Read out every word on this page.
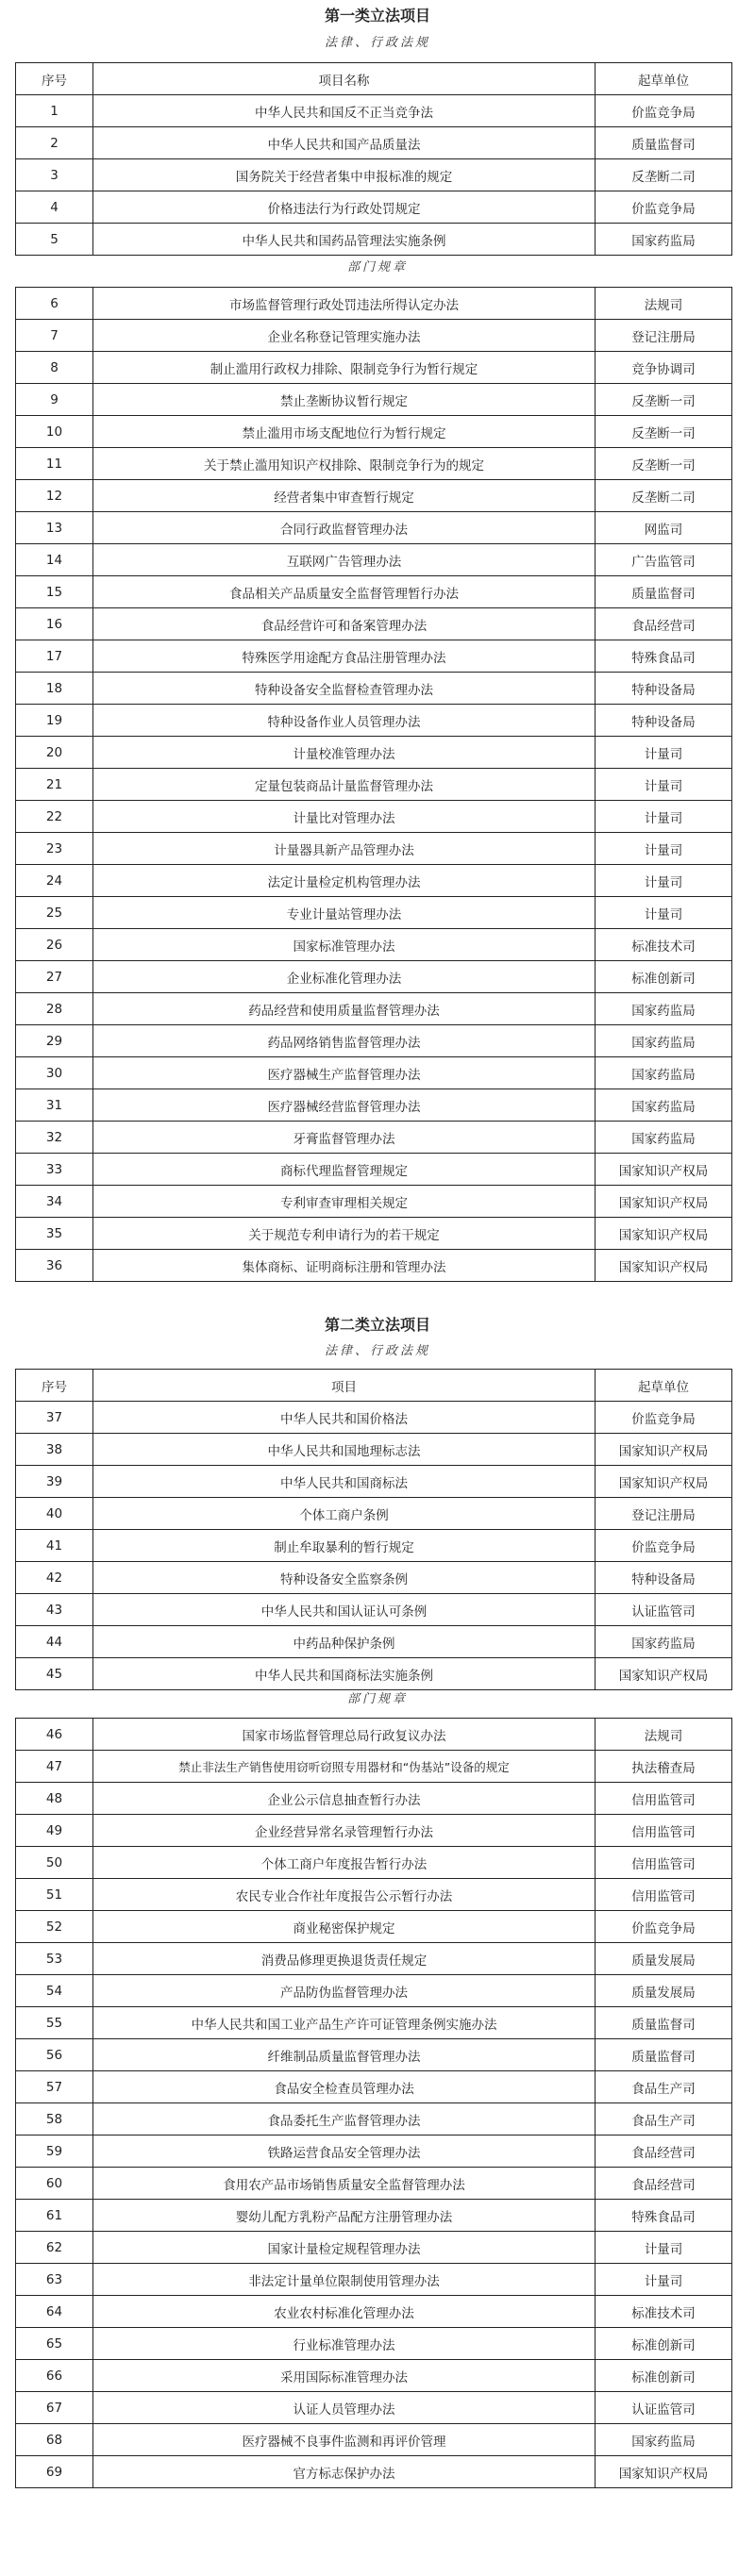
第一类立法项目
法律、行政法规
序号	项目名称	起草单位
1	中华人民共和国反不正当竞争法	价监竞争局
2	中华人民共和国产品质量法	质量监督司
3	国务院关于经营者集中申报标准的规定	反垄断二司
4	价格违法行为行政处罚规定	价监竞争局
5	中华人民共和国药品管理法实施条例	国家药监局
部门规章
6	市场监督管理行政处罚违法所得认定办法	法规司
7	企业名称登记管理实施办法	登记注册局
8	制止滥用行政权力排除、限制竞争行为暂行规定	竞争协调司
9	禁止垄断协议暂行规定	反垄断一司
10	禁止滥用市场支配地位行为暂行规定	反垄断一司
11	关于禁止滥用知识产权排除、限制竞争行为的规定	反垄断一司
12	经营者集中审查暂行规定	反垄断二司
13	合同行政监督管理办法	网监司
14	互联网广告管理办法	广告监管司
15	食品相关产品质量安全监督管理暂行办法	质量监督司
16	食品经营许可和备案管理办法	食品经营司
17	特殊医学用途配方食品注册管理办法	特殊食品司
18	特种设备安全监督检查管理办法	特种设备局
19	特种设备作业人员管理办法	特种设备局
20	计量校准管理办法	计量司
21	定量包装商品计量监督管理办法	计量司
22	计量比对管理办法	计量司
23	计量器具新产品管理办法	计量司
24	法定计量检定机构管理办法	计量司
25	专业计量站管理办法	计量司
26	国家标准管理办法	标准技术司
27	企业标准化管理办法	标准创新司
28	药品经营和使用质量监督管理办法	国家药监局
29	药品网络销售监督管理办法	国家药监局
30	医疗器械生产监督管理办法	国家药监局
31	医疗器械经营监督管理办法	国家药监局
32	牙膏监督管理办法	国家药监局
33	商标代理监督管理规定	国家知识产权局
34	专利审查审理相关规定	国家知识产权局
35	关于规范专利申请行为的若干规定	国家知识产权局
36	集体商标、证明商标注册和管理办法	国家知识产权局
第二类立法项目
法律、行政法规
序号	项目	起草单位
37	中华人民共和国价格法	价监竞争局
38	中华人民共和国地理标志法	国家知识产权局
39	中华人民共和国商标法	国家知识产权局
40	个体工商户条例	登记注册局
41	制止牟取暴利的暂行规定	价监竞争局
42	特种设备安全监察条例	特种设备局
43	中华人民共和国认证认可条例	认证监管司
44	中药品种保护条例	国家药监局
45	中华人民共和国商标法实施条例	国家知识产权局
部门规章
46	国家市场监督管理总局行政复议办法	法规司
47	禁止非法生产销售使用窃听窃照专用器材和“伪基站”设备的规定	执法稽查局
48	企业公示信息抽查暂行办法	信用监管司
49	企业经营异常名录管理暂行办法	信用监管司
50	个体工商户年度报告暂行办法	信用监管司
51	农民专业合作社年度报告公示暂行办法	信用监管司
52	商业秘密保护规定	价监竞争局
53	消费品修理更换退货责任规定	质量发展局
54	产品防伪监督管理办法	质量发展局
55	中华人民共和国工业产品生产许可证管理条例实施办法	质量监督司
56	纤维制品质量监督管理办法	质量监督司
57	食品安全检查员管理办法	食品生产司
58	食品委托生产监督管理办法	食品生产司
59	铁路运营食品安全管理办法	食品经营司
60	食用农产品市场销售质量安全监督管理办法	食品经营司
61	婴幼儿配方乳粉产品配方注册管理办法	特殊食品司
62	国家计量检定规程管理办法	计量司
63	非法定计量单位限制使用管理办法	计量司
64	农业农村标准化管理办法	标准技术司
65	行业标准管理办法	标准创新司
66	采用国际标准管理办法	标准创新司
67	认证人员管理办法	认证监管司
68	医疗器械不良事件监测和再评价管理	国家药监局
69	官方标志保护办法	国家知识产权局
